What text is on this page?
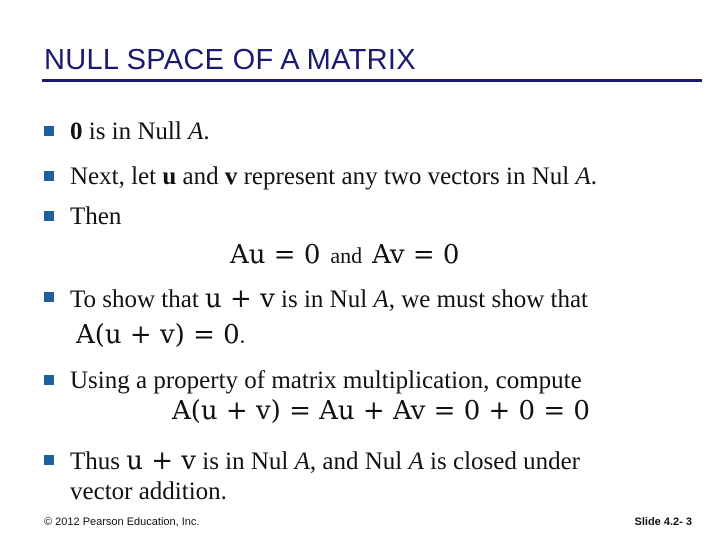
NULL SPACE OF A MATRIX
0 is in Null A.
Next, let u and v represent any two vectors in Nul A.
Then
Au = 0 and Av = 0
To show that u + v is in Nul A, we must show that
A(u + v) = 0.
Using a property of matrix multiplication, compute
A(u + v) = Au + Av = 0 + 0 = 0
Thus u + v is in Nul A, and Nul A is closed under
vector addition.
© 2012 Pearson Education, Inc.	Slide 4.2- 3
